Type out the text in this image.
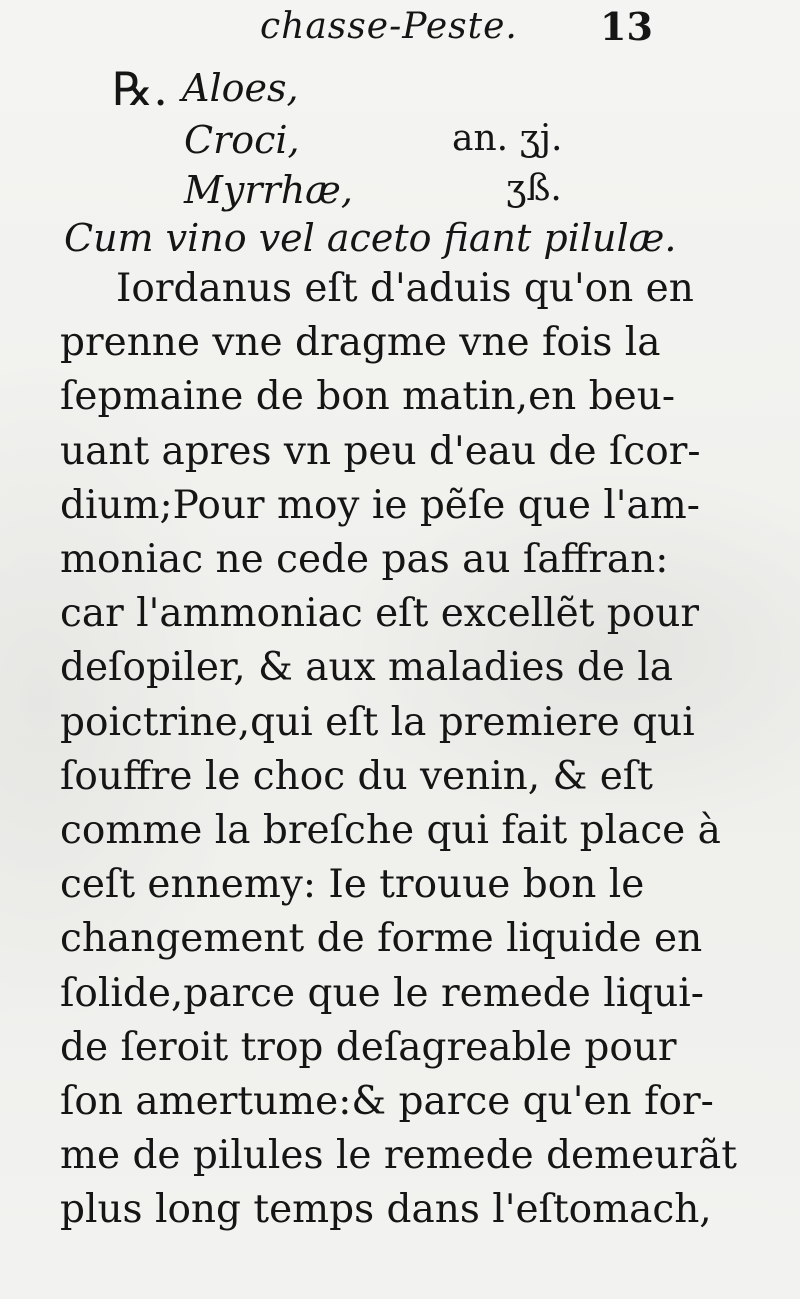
chasse-Peste. 13
℞. Aloes,
Croci,	an. ʒj.
Myrrhæ,	ʒß.
Cum vino vel aceto fiant pilulæ.
Iordanus eſt d'aduis qu'on en
prenne vne dragme vne fois la
ſepmaine de bon matin,en beu-
uant apres vn peu d'eau de ſcor-
dium;Pour moy ie pẽſe que l'am-
moniac ne cede pas au ſaffran:
car l'ammoniac eſt excellẽt pour
deſopiler, & aux maladies de la
poictrine,qui eſt la premiere qui
ſouffre le choc du venin, & eſt
comme la breſche qui fait place à
ceſt ennemy: Ie trouue bon le
changement de forme liquide en
ſolide,parce que le remede liqui-
de ſeroit trop deſagreable pour
ſon amertume:& parce qu'en for-
me de pilules le remede demeurãt
plus long temps dans l'eſtomach,
